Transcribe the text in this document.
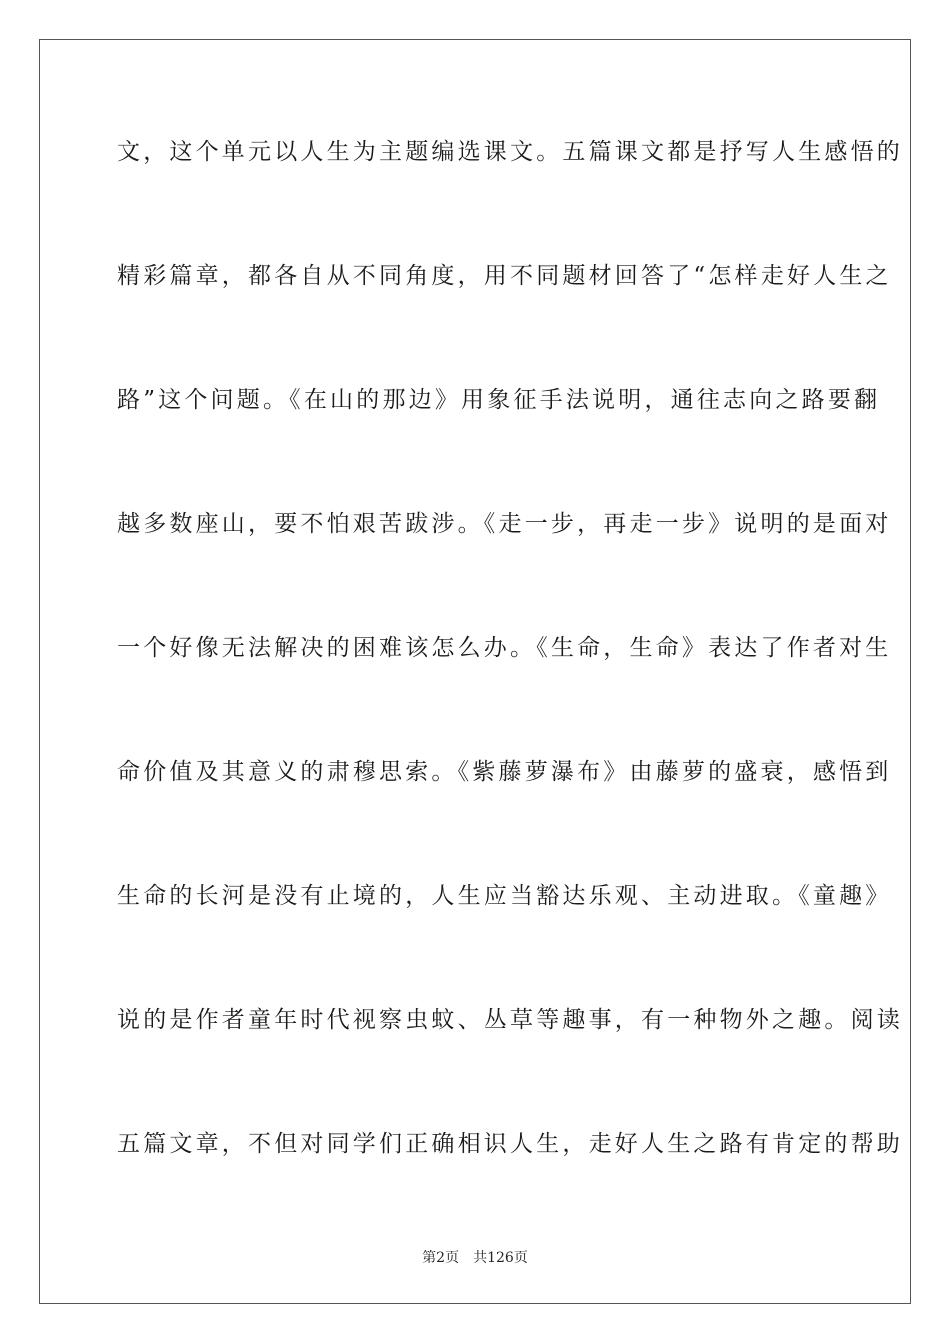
文，这个单元以人生为主题编选课文。五篇课文都是抒写人生感悟的
精彩篇章，都各自从不同角度，用不同题材回答了“怎样走好人生之
路”这个问题。《在山的那边》用象征手法说明，通往志向之路要翻
越多数座山，要不怕艰苦跋涉。《走一步，再走一步》说明的是面对
一个好像无法解决的困难该怎么办。《生命，生命》表达了作者对生
命价值及其意义的肃穆思索。《紫藤萝瀑布》由藤萝的盛衰，感悟到
生命的长河是没有止境的，人生应当豁达乐观、主动进取。《童趣》
说的是作者童年时代视察虫蚊、丛草等趣事，有一种物外之趣。阅读
五篇文章，不但对同学们正确相识人生，走好人生之路有肯定的帮助
第2页 共126页
